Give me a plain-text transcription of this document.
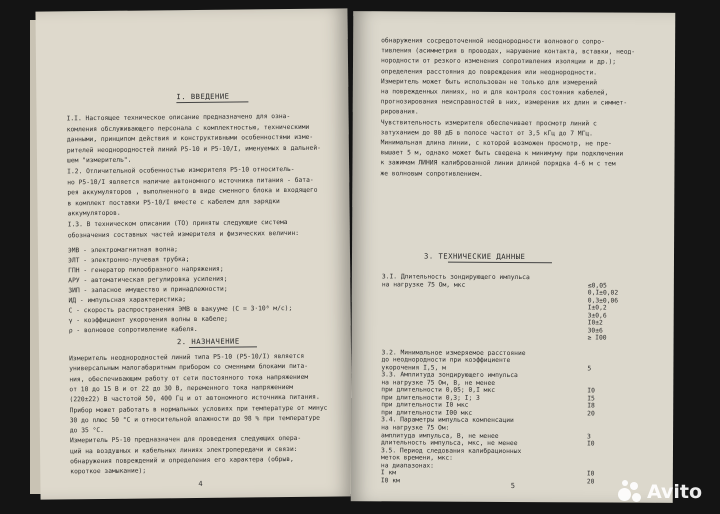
I. ВВЕДЕНИЕ
I.I. Настоящее техническое описание предназначено для озна-
комления обслуживающего персонала с комплектностью, техническими
данными, принципом действия и конструктивными особенностями изме-
рителей неоднородностей линий Р5-10 и Р5-10/I, именуемых в дальней-
шем "измеритель".
I.2. Отличительной особенностью измерителя Р5-10 относитель-
но Р5-10/I является наличие автономного источника питания - бата-
рея аккумуляторов , выполненного в виде сменного блока и входящего
в комплект поставки Р5-10/I вместе с кабелем для зарядки
аккумуляторов.
I.3. В техническом описании (ТО) приняты следующие система
обозначения составных частей измерителя и физических величин:
ЭМВ - электромагнитная волна;
ЭЛТ - электронно-лучевая трубка;
ГПН - генератор пилообразного напряжения;
АРУ - автоматическая регулировка усиления;
ЗИП - запасное имущество и принадлежности;
ИД - импульсная характеристика;
С - скорость распространения ЭМВ в вакууме (С = 3·10⁸ м/с);
γ - коэффициент укорочения волны в кабеле;
ρ - волновое сопротивление кабеля.
2. НАЗНАЧЕНИЕ
Измеритель неоднородностей линий типа Р5-10 (Р5-10/I) является
универсальным малогабаритным прибором со сменными блоками пита-
ния, обеспечивающим работу от сети постоянного тока напряжением
от 10 до 15 В и от 22 до 30 В, переменного тока напряжением
(220±22) В частотой 50, 400 Гц и от автономного источника питания.
Прибор может работать в нормальных условиях при температуре от минус
30 до плюс 50 °С и относительной влажности до 98 % при температуре
до 35 °С.
Измеритель Р5-10 предназначен для проведения следующих опера-
ций на воздушных и кабельных линиях электропередачи и связи:
обнаружения повреждений и определения его характера (обрыв,
короткое замыкание);
4
обнаружения сосредоточенной неоднородности волнового сопро-
тивления (асимметрия в проводах, нарушение контакта, вставки, неод-
нородности от резкого изменения сопротивления изоляции и др.);
определения расстояния до повреждения или неоднородности.
Измеритель может быть использован не только для измерений
на поврежденных линиях, но и для контроля состояния кабелей,
прогнозирования неисправностей в них, измерения их длин и симмет-
рирования.
Чувствительность измерителя обеспечивает просмотр линий с
затуханием до 80 дБ в полосе частот от 3,5 кГц до 7 МГц.
Минимальная длина линии, с которой возможен просмотр, не пре-
вышает 5 м, однако может быть сведена к минимуму при подключении
к зажимам ЛИНИЯ калиброванной линии длиной порядка 4-6 м с тем
же волновым сопротивлением.
3. ТЕХНИЧЕСКИЕ ДАННЫЕ
3.I. Длительность зондирующего импульса
на нагрузке 75 Ом, мкс	≤0,05
0,I±0,02
0,3±0,06
I±0,2
3±0,6
I0±2
30±6
≥ I00
3.2. Минимальное измеряемое расстояние
до неоднородности при коэффициенте
укорочения I,5, м	5
3.3. Амплитуда зондирующего импульса
на нагрузке 75 Ом, В, не менее
при длительности 0,05; 0,I мкс	I0
при длительности 0,3; I; 3	I5
при длительности I0 мкс	I8
при длительности I00 мкс	20
3.4. Параметры импульса компенсации
на нагрузке 75 Ом:
амплитуда импульса, В, не менее	3
длительность импульса, мкс, не менее	I0
3.5. Период следования калибрационных
меток времени, мкс:
на диапазонах:
I км	I0
I0 км	20
5	Avito
